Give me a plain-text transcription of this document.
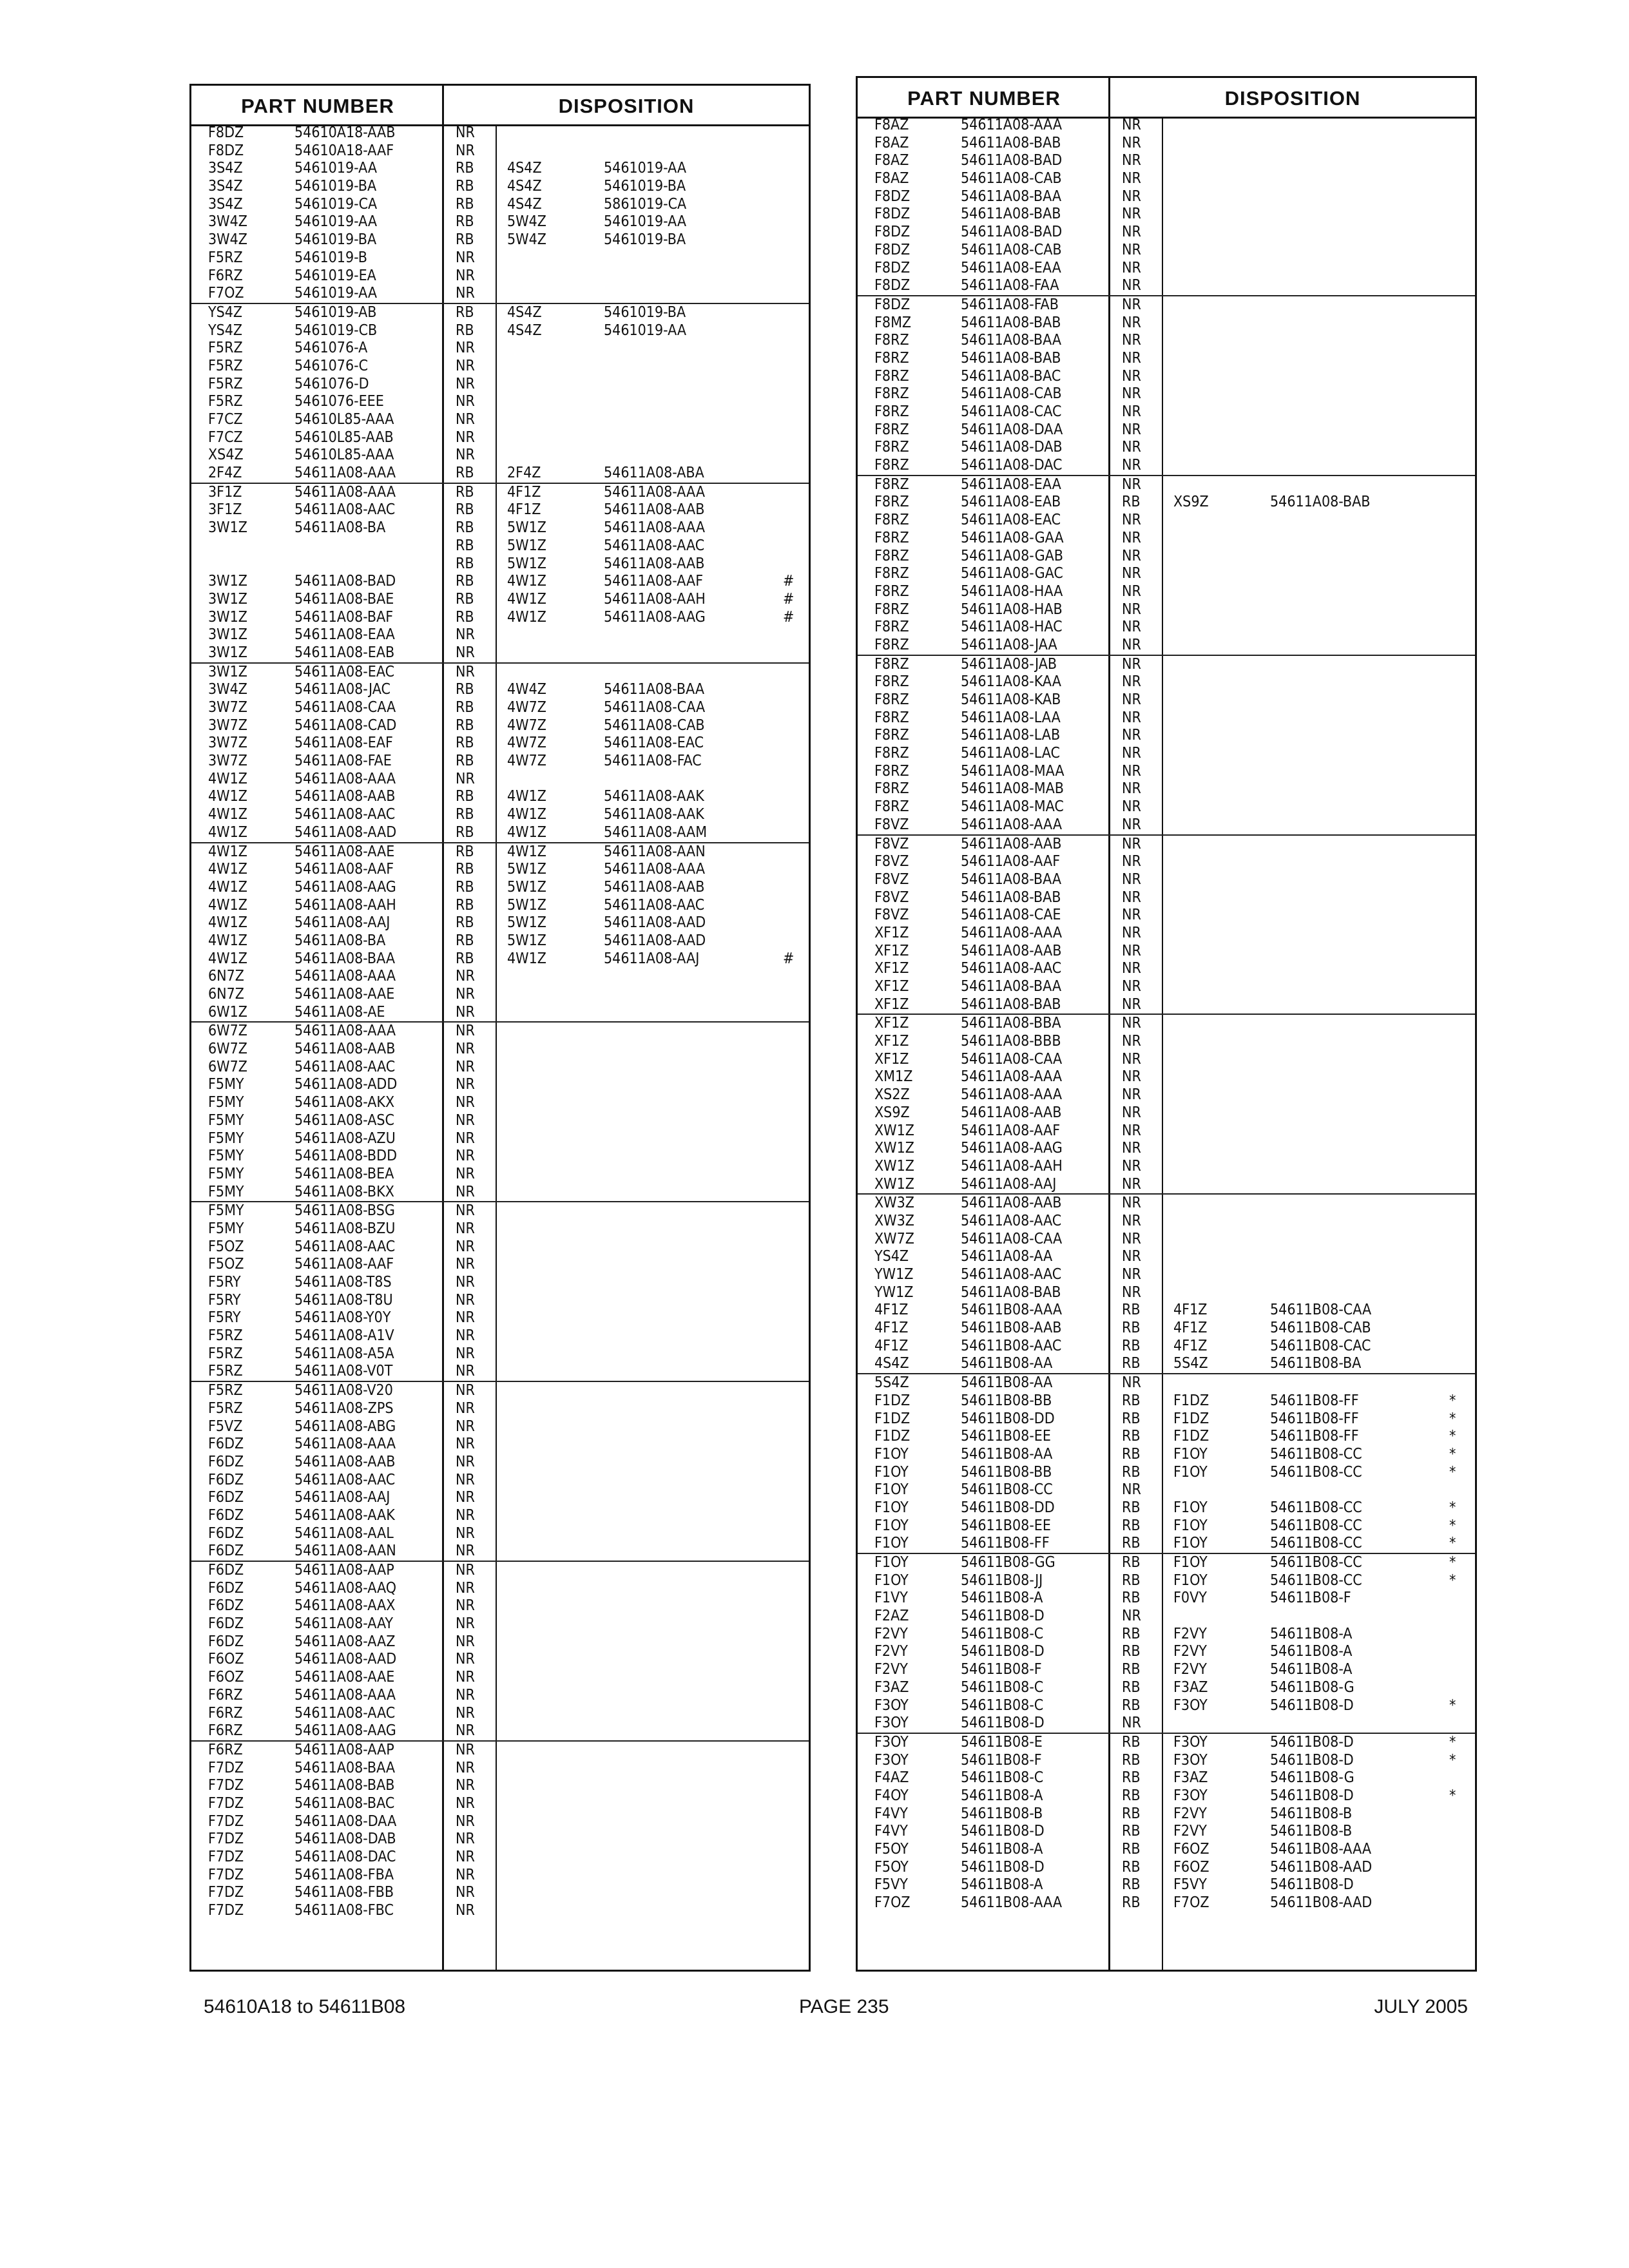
PART NUMBER	DISPOSITION
F8DZ	54610A18-AAB	NR
F8DZ	54610A18-AAF	NR
3S4Z	5461019-AA	RB 4S4Z	5461019-AA
3S4Z	5461019-BA	RB 4S4Z	5461019-BA
3S4Z	5461019-CA	RB 4S4Z	5861019-CA
3W4Z	5461019-AA	RB 5W4Z	5461019-AA
3W4Z	5461019-BA	RB 5W4Z	5461019-BA
F5RZ	5461019-B	NR
F6RZ	5461019-EA	NR
F7OZ	5461019-AA	NR
YS4Z	5461019-AB	RB 4S4Z	5461019-BA
YS4Z	5461019-CB	RB 4S4Z	5461019-AA
F5RZ	5461076-A	NR
F5RZ	5461076-C	NR
F5RZ	5461076-D	NR
F5RZ	5461076-EEE	NR
F7CZ	54610L85-AAA	NR
F7CZ	54610L85-AAB	NR
XS4Z	54610L85-AAA	NR
2F4Z	54611A08-AAA	RB 2F4Z	54611A08-ABA
3F1Z	54611A08-AAA	RB 4F1Z	54611A08-AAA
3F1Z	54611A08-AAC	RB 4F1Z	54611A08-AAB
3W1Z	54611A08-BA	RB 5W1Z	54611A08-AAA
RB 5W1Z	54611A08-AAC
RB 5W1Z	54611A08-AAB
3W1Z	54611A08-BAD	RB 4W1Z	54611A08-AAF	#
3W1Z	54611A08-BAE	RB 4W1Z	54611A08-AAH	#
3W1Z	54611A08-BAF	RB 4W1Z	54611A08-AAG	#
3W1Z	54611A08-EAA	NR
3W1Z	54611A08-EAB	NR
3W1Z	54611A08-EAC	NR
3W4Z	54611A08-JAC	RB 4W4Z	54611A08-BAA
3W7Z	54611A08-CAA	RB 4W7Z	54611A08-CAA
3W7Z	54611A08-CAD	RB 4W7Z	54611A08-CAB
3W7Z	54611A08-EAF	RB 4W7Z	54611A08-EAC
3W7Z	54611A08-FAE	RB 4W7Z	54611A08-FAC
4W1Z	54611A08-AAA	NR
4W1Z	54611A08-AAB	RB 4W1Z	54611A08-AAK
4W1Z	54611A08-AAC	RB 4W1Z	54611A08-AAK
4W1Z	54611A08-AAD	RB 4W1Z	54611A08-AAM
4W1Z	54611A08-AAE	RB 4W1Z	54611A08-AAN
4W1Z	54611A08-AAF	RB 5W1Z	54611A08-AAA
4W1Z	54611A08-AAG	RB 5W1Z	54611A08-AAB
4W1Z	54611A08-AAH	RB 5W1Z	54611A08-AAC
4W1Z	54611A08-AAJ	RB 5W1Z	54611A08-AAD
4W1Z	54611A08-BA	RB 5W1Z	54611A08-AAD
4W1Z	54611A08-BAA	RB 4W1Z	54611A08-AAJ	#
6N7Z	54611A08-AAA	NR
6N7Z	54611A08-AAE	NR
6W1Z	54611A08-AE	NR
6W7Z	54611A08-AAA	NR
6W7Z	54611A08-AAB	NR
6W7Z	54611A08-AAC	NR
F5MY	54611A08-ADD	NR
F5MY	54611A08-AKX	NR
F5MY	54611A08-ASC	NR
F5MY	54611A08-AZU	NR
F5MY	54611A08-BDD	NR
F5MY	54611A08-BEA	NR
F5MY	54611A08-BKX	NR
F5MY	54611A08-BSG	NR
F5MY	54611A08-BZU	NR
F5OZ	54611A08-AAC	NR
F5OZ	54611A08-AAF	NR
F5RY	54611A08-T8S	NR
F5RY	54611A08-T8U	NR
F5RY	54611A08-Y0Y	NR
F5RZ	54611A08-A1V	NR
F5RZ	54611A08-A5A	NR
F5RZ	54611A08-V0T	NR
F5RZ	54611A08-V20	NR
F5RZ	54611A08-ZPS	NR
F5VZ	54611A08-ABG	NR
F6DZ	54611A08-AAA	NR
F6DZ	54611A08-AAB	NR
F6DZ	54611A08-AAC	NR
F6DZ	54611A08-AAJ	NR
F6DZ	54611A08-AAK	NR
F6DZ	54611A08-AAL	NR
F6DZ	54611A08-AAN	NR
F6DZ	54611A08-AAP	NR
F6DZ	54611A08-AAQ	NR
F6DZ	54611A08-AAX	NR
F6DZ	54611A08-AAY	NR
F6DZ	54611A08-AAZ	NR
F6OZ	54611A08-AAD	NR
F6OZ	54611A08-AAE	NR
F6RZ	54611A08-AAA	NR
F6RZ	54611A08-AAC	NR
F6RZ	54611A08-AAG	NR
F6RZ	54611A08-AAP	NR
F7DZ	54611A08-BAA	NR
F7DZ	54611A08-BAB	NR
F7DZ	54611A08-BAC	NR
F7DZ	54611A08-DAA	NR
F7DZ	54611A08-DAB	NR
F7DZ	54611A08-DAC	NR
F7DZ	54611A08-FBA	NR
F7DZ	54611A08-FBB	NR
F7DZ	54611A08-FBC	NR
PART NUMBER	DISPOSITION
F8AZ	54611A08-AAA	NR
F8AZ	54611A08-BAB	NR
F8AZ	54611A08-BAD	NR
F8AZ	54611A08-CAB	NR
F8DZ	54611A08-BAA	NR
F8DZ	54611A08-BAB	NR
F8DZ	54611A08-BAD	NR
F8DZ	54611A08-CAB	NR
F8DZ	54611A08-EAA	NR
F8DZ	54611A08-FAA	NR
F8DZ	54611A08-FAB	NR
F8MZ	54611A08-BAB	NR
F8RZ	54611A08-BAA	NR
F8RZ	54611A08-BAB	NR
F8RZ	54611A08-BAC	NR
F8RZ	54611A08-CAB	NR
F8RZ	54611A08-CAC	NR
F8RZ	54611A08-DAA	NR
F8RZ	54611A08-DAB	NR
F8RZ	54611A08-DAC	NR
F8RZ	54611A08-EAA	NR
F8RZ	54611A08-EAB	RB XS9Z	54611A08-BAB
F8RZ	54611A08-EAC	NR
F8RZ	54611A08-GAA	NR
F8RZ	54611A08-GAB	NR
F8RZ	54611A08-GAC	NR
F8RZ	54611A08-HAA	NR
F8RZ	54611A08-HAB	NR
F8RZ	54611A08-HAC	NR
F8RZ	54611A08-JAA	NR
F8RZ	54611A08-JAB	NR
F8RZ	54611A08-KAA	NR
F8RZ	54611A08-KAB	NR
F8RZ	54611A08-LAA	NR
F8RZ	54611A08-LAB	NR
F8RZ	54611A08-LAC	NR
F8RZ	54611A08-MAA	NR
F8RZ	54611A08-MAB	NR
F8RZ	54611A08-MAC	NR
F8VZ	54611A08-AAA	NR
F8VZ	54611A08-AAB	NR
F8VZ	54611A08-AAF	NR
F8VZ	54611A08-BAA	NR
F8VZ	54611A08-BAB	NR
F8VZ	54611A08-CAE	NR
XF1Z	54611A08-AAA	NR
XF1Z	54611A08-AAB	NR
XF1Z	54611A08-AAC	NR
XF1Z	54611A08-BAA	NR
XF1Z	54611A08-BAB	NR
XF1Z	54611A08-BBA	NR
XF1Z	54611A08-BBB	NR
XF1Z	54611A08-CAA	NR
XM1Z	54611A08-AAA	NR
XS2Z	54611A08-AAA	NR
XS9Z	54611A08-AAB	NR
XW1Z	54611A08-AAF	NR
XW1Z	54611A08-AAG	NR
XW1Z	54611A08-AAH	NR
XW1Z	54611A08-AAJ	NR
XW3Z	54611A08-AAB	NR
XW3Z	54611A08-AAC	NR
XW7Z	54611A08-CAA	NR
YS4Z	54611A08-AA	NR
YW1Z	54611A08-AAC	NR
YW1Z	54611A08-BAB	NR
4F1Z	54611B08-AAA	RB 4F1Z	54611B08-CAA
4F1Z	54611B08-AAB	RB 4F1Z	54611B08-CAB
4F1Z	54611B08-AAC	RB 4F1Z	54611B08-CAC
4S4Z	54611B08-AA	RB 5S4Z	54611B08-BA
5S4Z	54611B08-AA	NR
F1DZ	54611B08-BB	RB F1DZ	54611B08-FF	*
F1DZ	54611B08-DD	RB F1DZ	54611B08-FF	*
F1DZ	54611B08-EE	RB F1DZ	54611B08-FF	*
F1OY	54611B08-AA	RB F1OY	54611B08-CC	*
F1OY	54611B08-BB	RB F1OY	54611B08-CC	*
F1OY	54611B08-CC	NR
F1OY	54611B08-DD	RB F1OY	54611B08-CC	*
F1OY	54611B08-EE	RB F1OY	54611B08-CC	*
F1OY	54611B08-FF	RB F1OY	54611B08-CC	*
F1OY	54611B08-GG	RB F1OY	54611B08-CC	*
F1OY	54611B08-JJ	RB F1OY	54611B08-CC	*
F1VY	54611B08-A	RB F0VY	54611B08-F
F2AZ	54611B08-D	NR
F2VY	54611B08-C	RB F2VY	54611B08-A
F2VY	54611B08-D	RB F2VY	54611B08-A
F2VY	54611B08-F	RB F2VY	54611B08-A
F3AZ	54611B08-C	RB F3AZ	54611B08-G
F3OY	54611B08-C	RB F3OY	54611B08-D	*
F3OY	54611B08-D	NR
F3OY	54611B08-E	RB F3OY	54611B08-D	*
F3OY	54611B08-F	RB F3OY	54611B08-D	*
F4AZ	54611B08-C	RB F3AZ	54611B08-G
F4OY	54611B08-A	RB F3OY	54611B08-D	*
F4VY	54611B08-B	RB F2VY	54611B08-B
F4VY	54611B08-D	RB F2VY	54611B08-B
F5OY	54611B08-A	RB F6OZ	54611B08-AAA
F5OY	54611B08-D	RB F6OZ	54611B08-AAD
F5VY	54611B08-A	RB F5VY	54611B08-D
F7OZ	54611B08-AAA	RB F7OZ	54611B08-AAD
54610A18 to 54611B08	PAGE 235	JULY 2005
